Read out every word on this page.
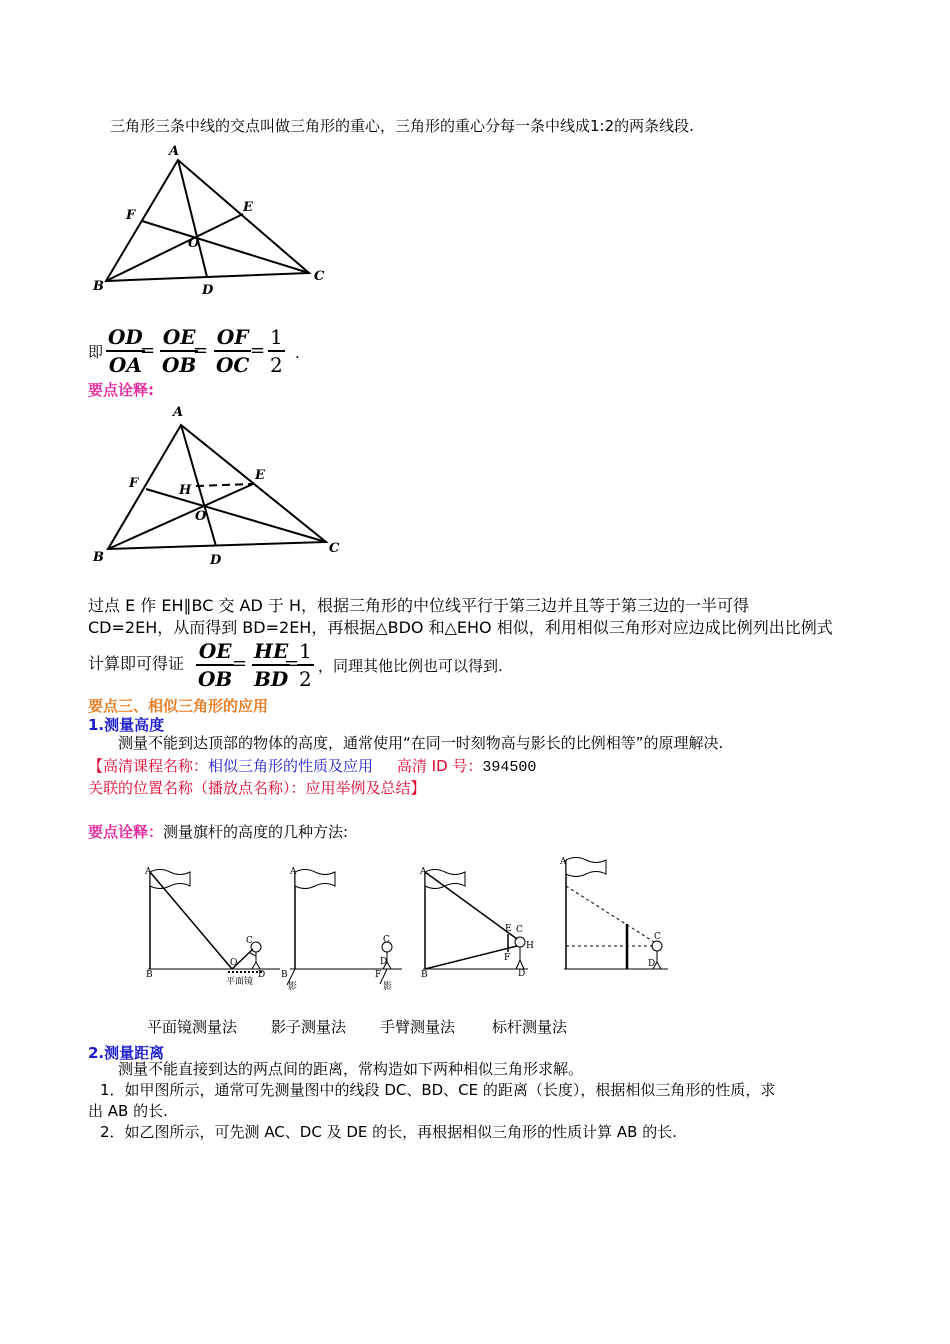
三角形三条中线的交点叫做三角形的重心，三角形的重心分每一条中线成1:2的两条线段.
A
B
C
D
E
F
O
即
OD
OA
=
OE
OB
=
OF
OC
=
1
2 .
要点诠释:
A
B
C
D
E
F	H
O
过点 E 作 EH∥BC 交 AD 于 H，根据三角形的中位线平行于第三边并且等于第三边的一半可得
CD=2EH，从而得到 BD=2EH，再根据△BDO 和△EHO 相似，利用相似三角形对应边成比例列出比例式
计算即可得证
OE
OB
=
HE
BD
=
1
2
，同理其他比例也可以得到.
要点三、相似三角形的应用
1.测量高度
测量不能到达顶部的物体的高度，通常使用“在同一时刻物高与影长的比例相等”的原理解决.
【高清课程名称：相似三角形的性质及应用 高清 ID 号：394500
关联的位置名称（播放点名称）：应用举例及总结】
要点诠释：测量旗杆的高度的几种方法:
A
B
O
C
D
平面镜
A
B
影
C
D
F
影
A
B
C
E
F
H
D
A
C
D
平面镜测量法 影子测量法 手臂测量法 标杆测量法
2.测量距离
测量不能直接到达的两点间的距离，常构造如下两种相似三角形求解。
1．如甲图所示，通常可先测量图中的线段 DC、BD、CE 的距离（长度），根据相似三角形的性质，求
出 AB 的长.
2．如乙图所示，可先测 AC、DC 及 DE 的长，再根据相似三角形的性质计算 AB 的长.
